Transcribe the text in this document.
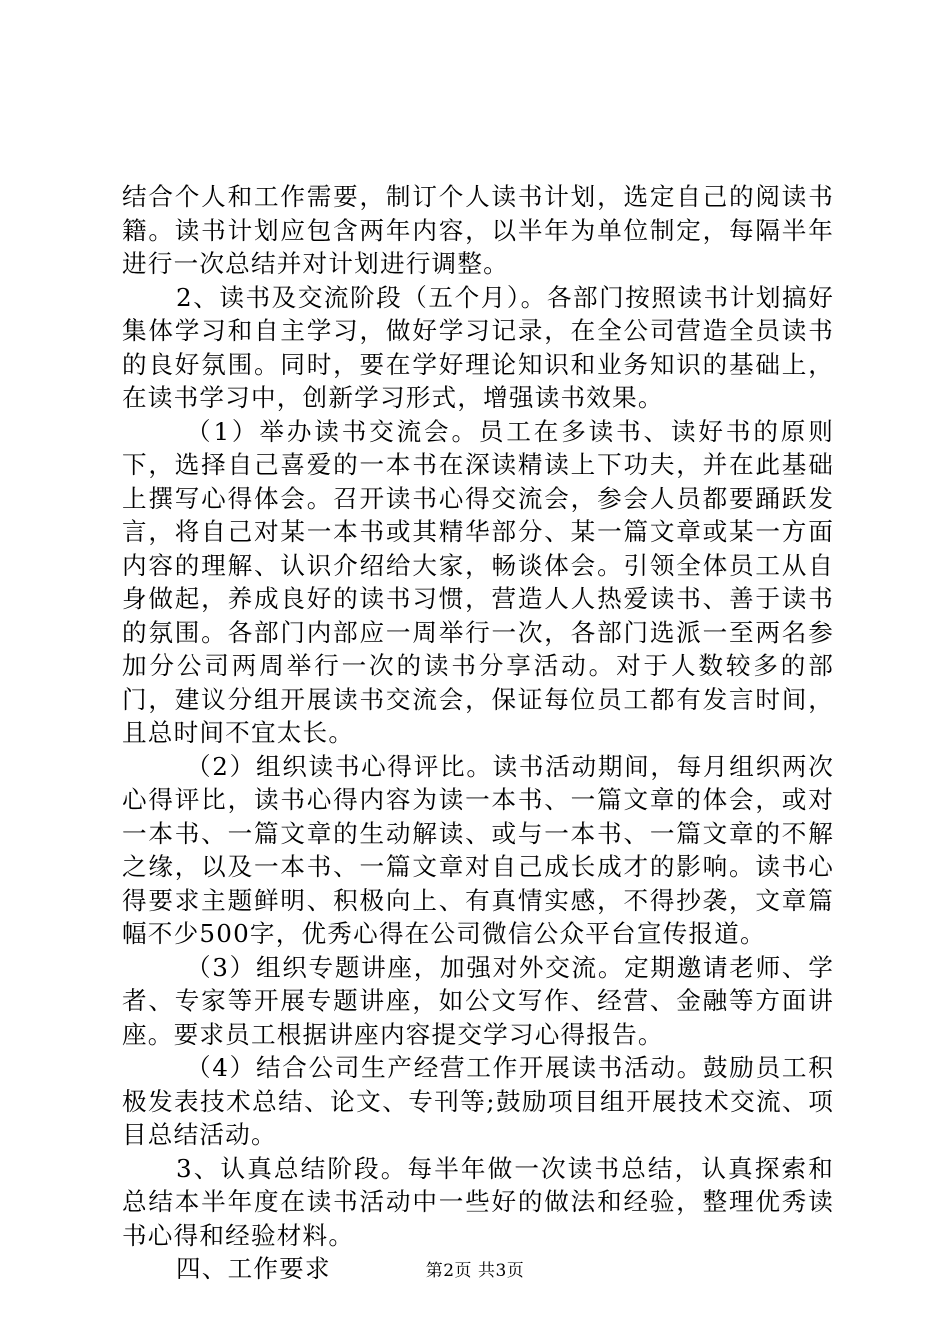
结合个人和工作需要，制订个人读书计划，选定自己的阅读书籍。读书计划应包含两年内容，以半年为单位制定，每隔半年进行一次总结并对计划进行调整。

2、读书及交流阶段（五个月）。各部门按照读书计划搞好集体学习和自主学习，做好学习记录，在全公司营造全员读书的良好氛围。同时，要在学好理论知识和业务知识的基础上，在读书学习中，创新学习形式，增强读书效果。

（1）举办读书交流会。员工在多读书、读好书的原则下，选择自己喜爱的一本书在深读精读上下功夫，并在此基础上撰写心得体会。召开读书心得交流会，参会人员都要踊跃发言，将自己对某一本书或其精华部分、某一篇文章或某一方面内容的理解、认识介绍给大家，畅谈体会。引领全体员工从自身做起，养成良好的读书习惯，营造人人热爱读书、善于读书的氛围。各部门内部应一周举行一次，各部门选派一至两名参加分公司两周举行一次的读书分享活动。对于人数较多的部门，建议分组开展读书交流会，保证每位员工都有发言时间，且总时间不宜太长。

（2）组织读书心得评比。读书活动期间，每月组织两次心得评比，读书心得内容为读一本书、一篇文章的体会，或对一本书、一篇文章的生动解读、或与一本书、一篇文章的不解之缘，以及一本书、一篇文章对自己成长成才的影响。读书心得要求主题鲜明、积极向上、有真情实感，不得抄袭，文章篇幅不少500字，优秀心得在公司微信公众平台宣传报道。

（3）组织专题讲座，加强对外交流。定期邀请老师、学者、专家等开展专题讲座，如公文写作、经营、金融等方面讲座。要求员工根据讲座内容提交学习心得报告。

（4）结合公司生产经营工作开展读书活动。鼓励员工积极发表技术总结、论文、专刊等;鼓励项目组开展技术交流、项目总结活动。

3、认真总结阶段。每半年做一次读书总结，认真探索和总结本半年度在读书活动中一些好的做法和经验，整理优秀读书心得和经验材料。

四、工作要求	第2页 共3页
